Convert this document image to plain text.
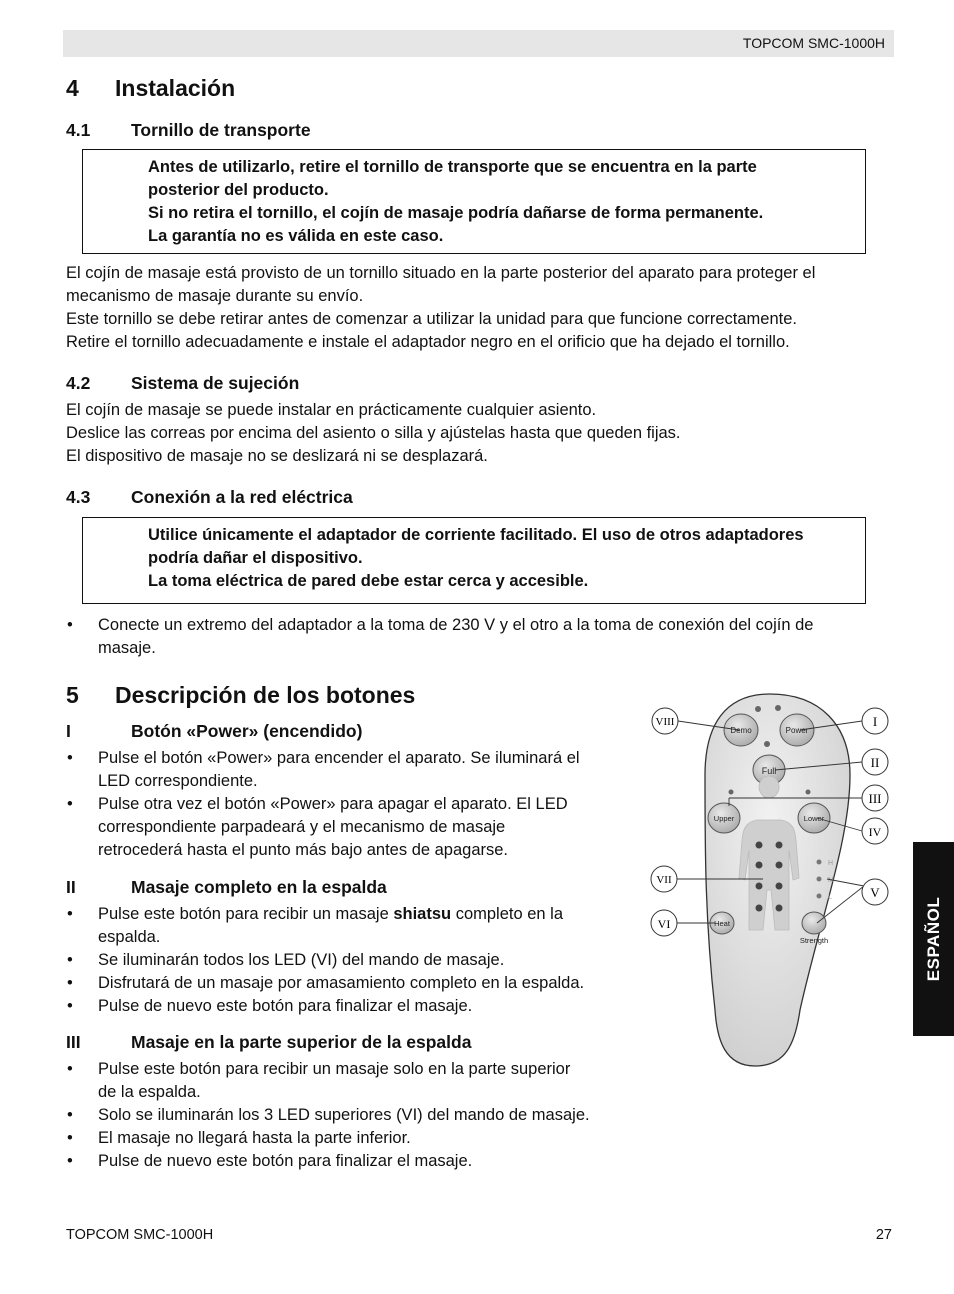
TOPCOM SMC-1000H
4 Instalación
4.1 Tornillo de transporte

Antes de utilizarlo, retire el tornillo de transporte que se encuentra en la parte

posterior del producto.

Si no retira el tornillo, el cojín de masaje podría dañarse de forma permanente.

La garantía no es válida en este caso.

El cojín de masaje está provisto de un tornillo situado en la parte posterior del aparato para proteger el

mecanismo de masaje durante su envío.

Este tornillo se debe retirar antes de comenzar a utilizar la unidad para que funcione correctamente.

Retire el tornillo adecuadamente e instale el adaptador negro en el orificio que ha dejado el tornillo.

4.2 Sistema de sujeción

El cojín de masaje se puede instalar en prácticamente cualquier asiento.

Deslice las correas por encima del asiento o silla y ajústelas hasta que queden fijas.

El dispositivo de masaje no se deslizará ni se desplazará.

4.3 Conexión a la red eléctrica

Utilice únicamente el adaptador de corriente facilitado. El uso de otros adaptadores

podría dañar el dispositivo.

La toma eléctrica de pared debe estar cerca y accesible.

• Conecte un extremo del adaptador a la toma de 230 V y el otro a la toma de conexión del cojín de
masaje.
5 Descripción de los botones
I	Botón «Power» (encendido)
• Pulse el botón «Power» para encender el aparato. Se iluminará el
LED correspondiente.
• Pulse otra vez el botón «Power» para apagar el aparato. El LED
correspondiente parpadeará y el mecanismo de masaje
retrocederá hasta el punto más bajo antes de apagarse.
II	Masaje completo en la espalda
• Pulse este botón para recibir un masaje shiatsu completo en la
espalda.
• Se iluminarán todos los LED (VI) del mando de masaje.
• Disfrutará de un masaje por amasamiento completo en la espalda.
• Pulse de nuevo este botón para finalizar el masaje.
III	Masaje en la parte superior de la espalda
• Pulse este botón para recibir un masaje solo en la parte superior
de la espalda.
• Solo se iluminarán los 3 LED superiores (VI) del mando de masaje.
• El masaje no llegará hasta la parte inferior.
• Pulse de nuevo este botón para finalizar el masaje.
Demo	Power
Full
Upper	Lower
H
M
L
Heat
Strength
VIII	I
II
III
IV
V
VI
VII
ESPAÑOL
TOPCOM SMC-1000H	27
